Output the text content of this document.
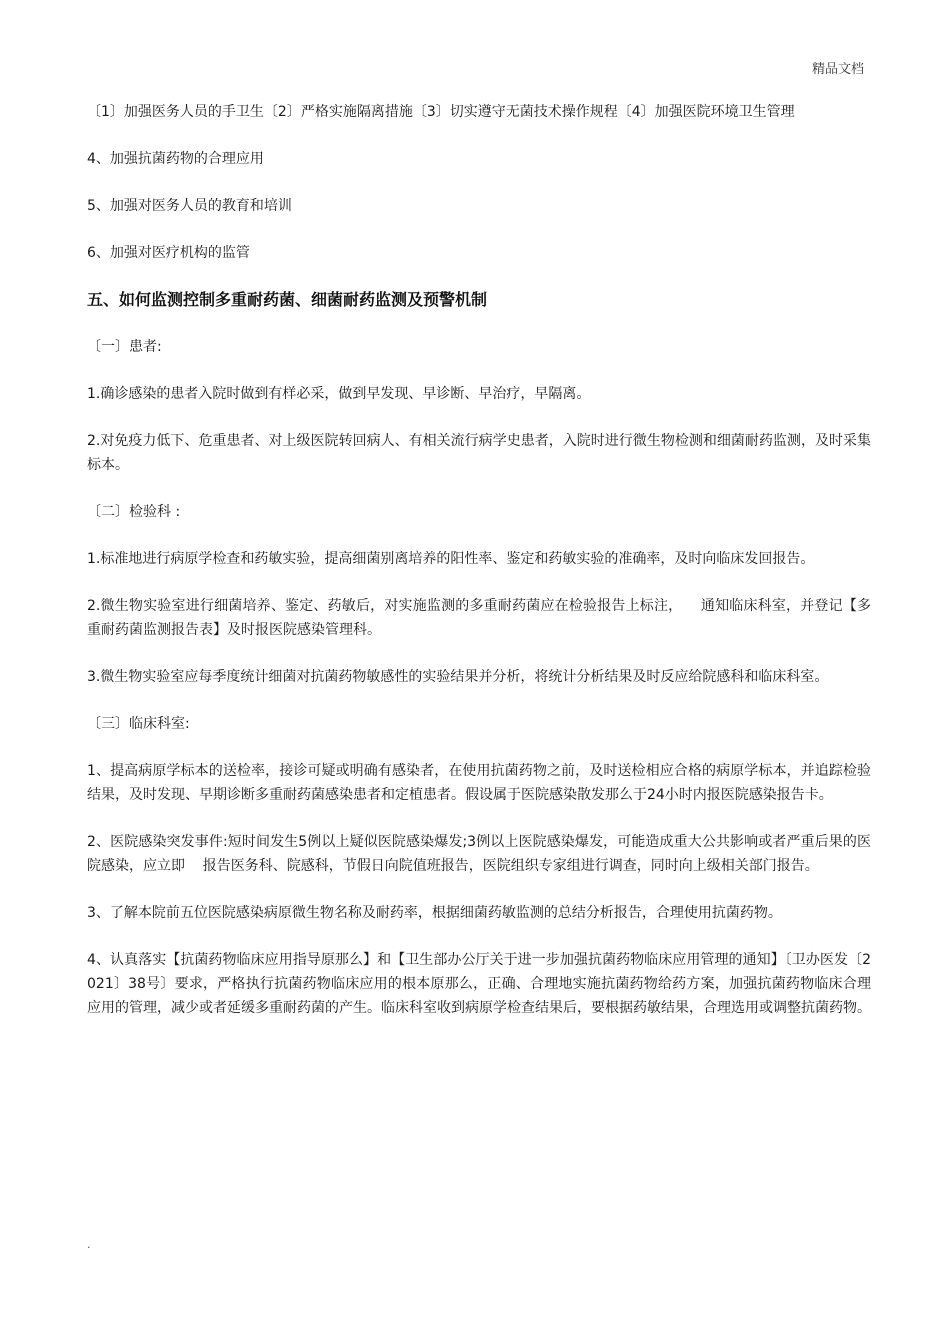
精品文档

〔1〕加强医务人员的手卫生〔2〕严格实施隔离措施〔3〕切实遵守无菌技术操作规程〔4〕加强医院环境卫生管理

4、加强抗菌药物的合理应用

5、加强对医务人员的教育和培训

6、加强对医疗机构的监管

五、如何监测控制多重耐药菌、细菌耐药监测及预警机制

〔一〕患者:

1.确诊感染的患者入院时做到有样必采，做到早发现、早诊断、早治疗，早隔离。

2.对免疫力低下、危重患者、对上级医院转回病人、有相关流行病学史患者，入院时进行微生物检测和细菌耐药监测，及时采集标本。

〔二〕检验科 :

1.标准地进行病原学检查和药敏实验，提高细菌别离培养的阳性率、鉴定和药敏实验的准确率，及时向临床发回报告。

2.微生物实验室进行细菌培养、鉴定、药敏后，对实施监测的多重耐药菌应在检验报告上标注，    通知临床科室，并登记【多重耐药菌监测报告表】及时报医院感染管理科。

3.微生物实验室应每季度统计细菌对抗菌药物敏感性的实验结果并分析，将统计分析结果及时反应给院感科和临床科室。

〔三〕临床科室:

1、提高病原学标本的送检率，接诊可疑或明确有感染者，在使用抗菌药物之前，及时送检相应合格的病原学标本，并追踪检验结果，及时发现、早期诊断多重耐药菌感染患者和定植患者。假设属于医院感染散发那么于24小时内报医院感染报告卡。

2、医院感染突发事件:短时间发生5例以上疑似医院感染爆发;3例以上医院感染爆发，可能造成重大公共影响或者严重后果的医院感染，应立即    报告医务科、院感科，节假日向院值班报告，医院组织专家组进行调查，同时向上级相关部门报告。

3、了解本院前五位医院感染病原微生物名称及耐药率，根据细菌药敏监测的总结分析报告，合理使用抗菌药物。

4、认真落实【抗菌药物临床应用指导原那么】和【卫生部办公厅关于进一步加强抗菌药物临床应用管理的通知】〔卫办医发〔2021〕38号〕要求，严格执行抗菌药物临床应用的根本原那么，正确、合理地实施抗菌药物给药方案，加强抗菌药物临床合理应用的管理，减少或者延缓多重耐药菌的产生。临床科室收到病原学检查结果后，要根据药敏结果，合理选用或调整抗菌药物。

.
